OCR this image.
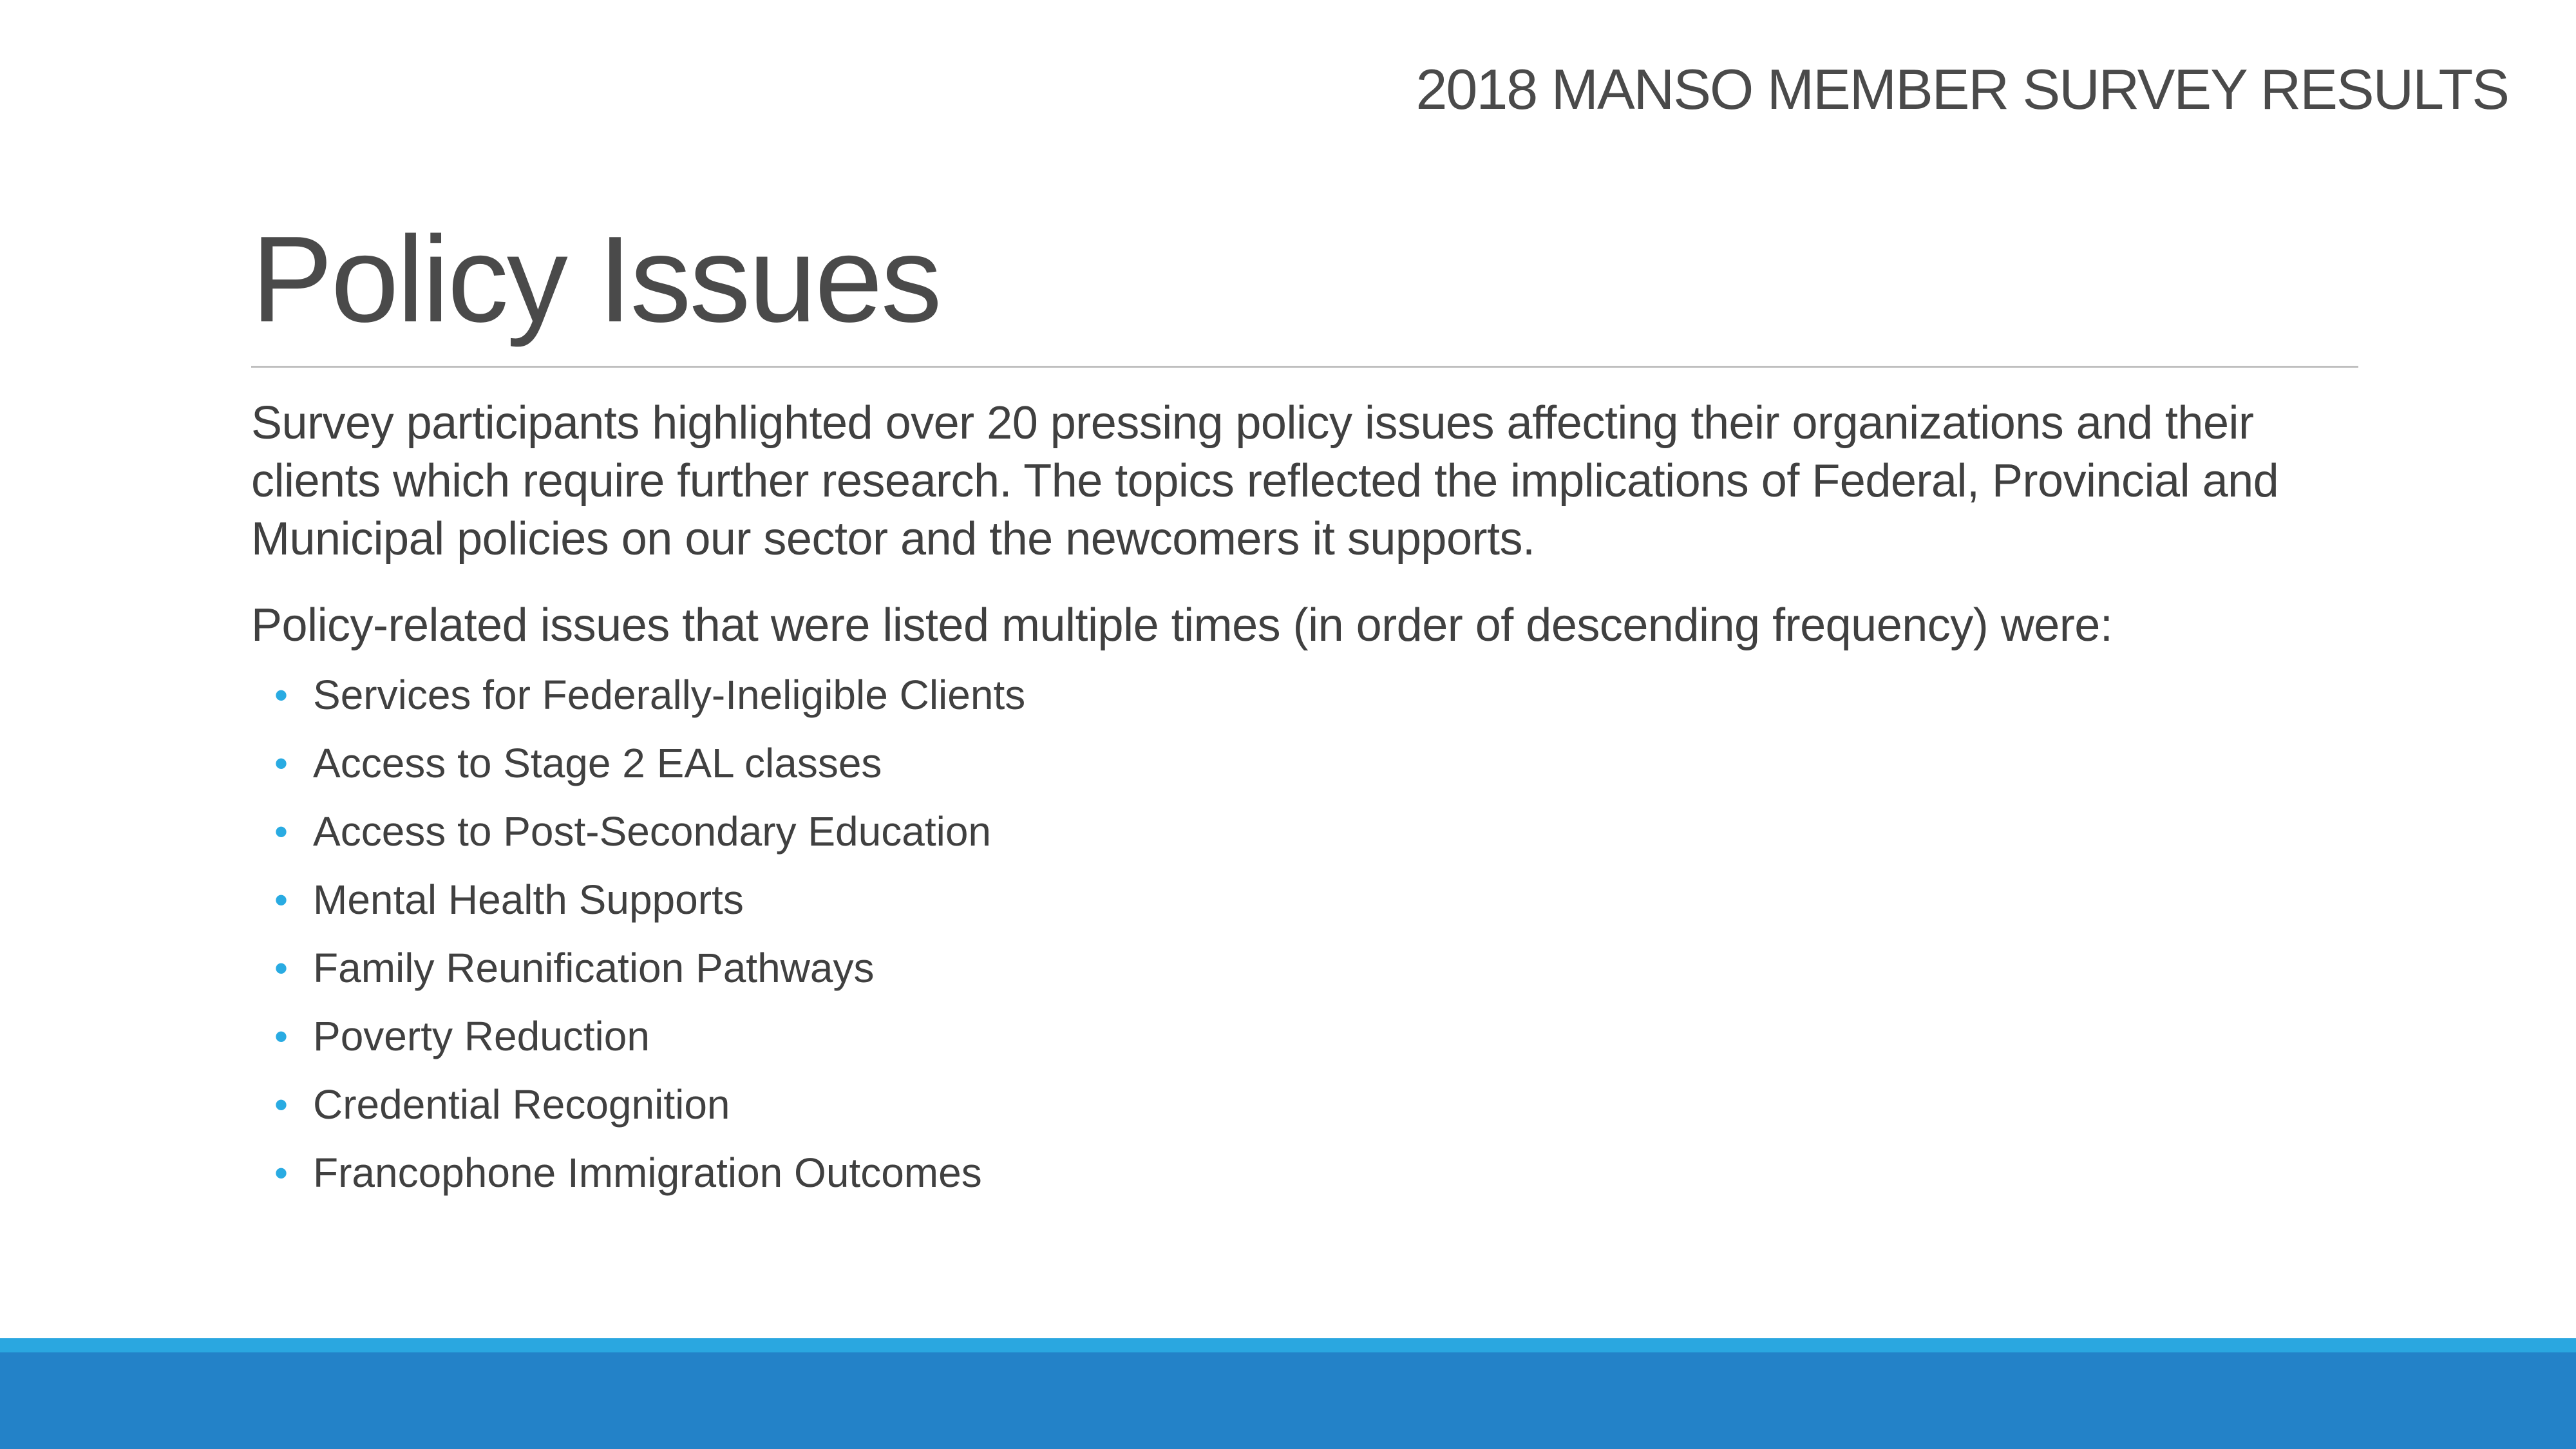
2018 MANSO MEMBER SURVEY RESULTS
Policy Issues

Survey participants highlighted over 20 pressing policy issues affecting their organizations and their clients which require further research. The topics reflected the implications of Federal, Provincial and Municipal policies on our sector and the newcomers it supports.

Policy-related issues that were listed multiple times (in order of descending frequency) were:

• Services for Federally-Ineligible Clients
• Access to Stage 2 EAL classes
• Access to Post-Secondary Education
• Mental Health Supports
• Family Reunification Pathways
• Poverty Reduction
• Credential Recognition
• Francophone Immigration Outcomes
